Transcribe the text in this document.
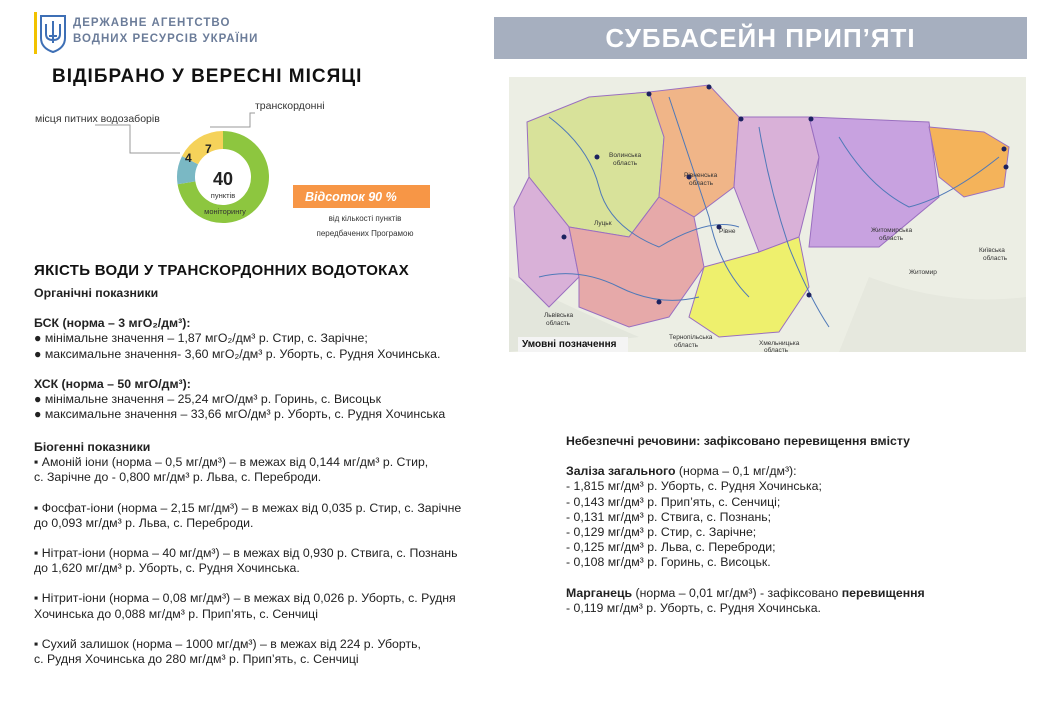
ДЕРЖАВНЕ АГЕНТСТВО
ВОДНИХ РЕСУРСІВ УКРАЇНИ	СУББАСЕЙН ПРИП’ЯТІ
ВІДІБРАНО У ВЕРЕСНІ МІСЯЦІ
місця питних водозаборів
транскордонні
4
7
40
пунктів
моніторингу
Відсоток 90 %
від кількості пунктів
передбачених Програмою
Волинська
область
Рівненська
область
Житомирська
область
Київська
область
Львівська
область
Тернопільська
область	Хмельницька
область
Луцьк
Рівне
Житомир
Умовні позначення
ЯКІСТЬ ВОДИ У ТРАНСКОРДОННИХ ВОДОТОКАХ
Органічні показники
БСК (норма – 3 мгО₂/дм³):
● мінімальне значення – 1,87 мгО₂/дм³ р. Стир, с. Зарічне;
● максимальне значення- 3,60 мгО₂/дм³ р. Уборть, с. Рудня Хочинська.
ХСК (норма – 50 мгО/дм³):
● мінімальне значення – 25,24 мгО/дм³ р. Горинь, с. Висоцьк
● максимальне значення – 33,66 мгО/дм³ р. Уборть, с. Рудня Хочинська
Біогенні показники
▪ Амоній іони (норма – 0,5 мг/дм³) – в межах від 0,144 мг/дм³ р. Стир,
с. Зарічне до - 0,800 мг/дм³ р. Льва, с. Переброди.
▪ Фосфат-іони (норма – 2,15 мг/дм³) – в межах від 0,035 р. Стир, с. Зарічне
до 0,093 мг/дм³ р. Льва, с. Переброди.
▪ Нітрат-іони (норма – 40 мг/дм³) – в межах від 0,930 р. Ствига, с. Познань
до 1,620 мг/дм³ р. Уборть, с. Рудня Хочинська.
▪ Нітрит-іони (норма – 0,08 мг/дм³) – в межах від 0,026 р. Уборть, с. Рудня
Хочинська до 0,088 мг/дм³ р. Прип’ять, с. Сенчиці
▪ Сухий залишок (норма – 1000 мг/дм³) – в межах від 224 р. Уборть,
с. Рудня Хочинська до 280 мг/дм³ р. Прип’ять, с. Сенчиці
Небезпечні речовини: зафіксовано перевищення вмісту
Заліза загального (норма – 0,1 мг/дм³):
- 1,815 мг/дм³ р. Уборть, с. Рудня Хочинська;
- 0,143 мг/дм³ р. Прип’ять, с. Сенчиці;
- 0,131 мг/дм³ р. Ствига, с. Познань;
- 0,129 мг/дм³ р. Стир, с. Зарічне;
- 0,125 мг/дм³ р. Льва, с. Переброди;
- 0,108 мг/дм³ р. Горинь, с. Висоцьк.
Марганець (норма – 0,01 мг/дм³) - зафіксовано перевищення
- 0,119 мг/дм³ р. Уборть, с. Рудня Хочинська.
